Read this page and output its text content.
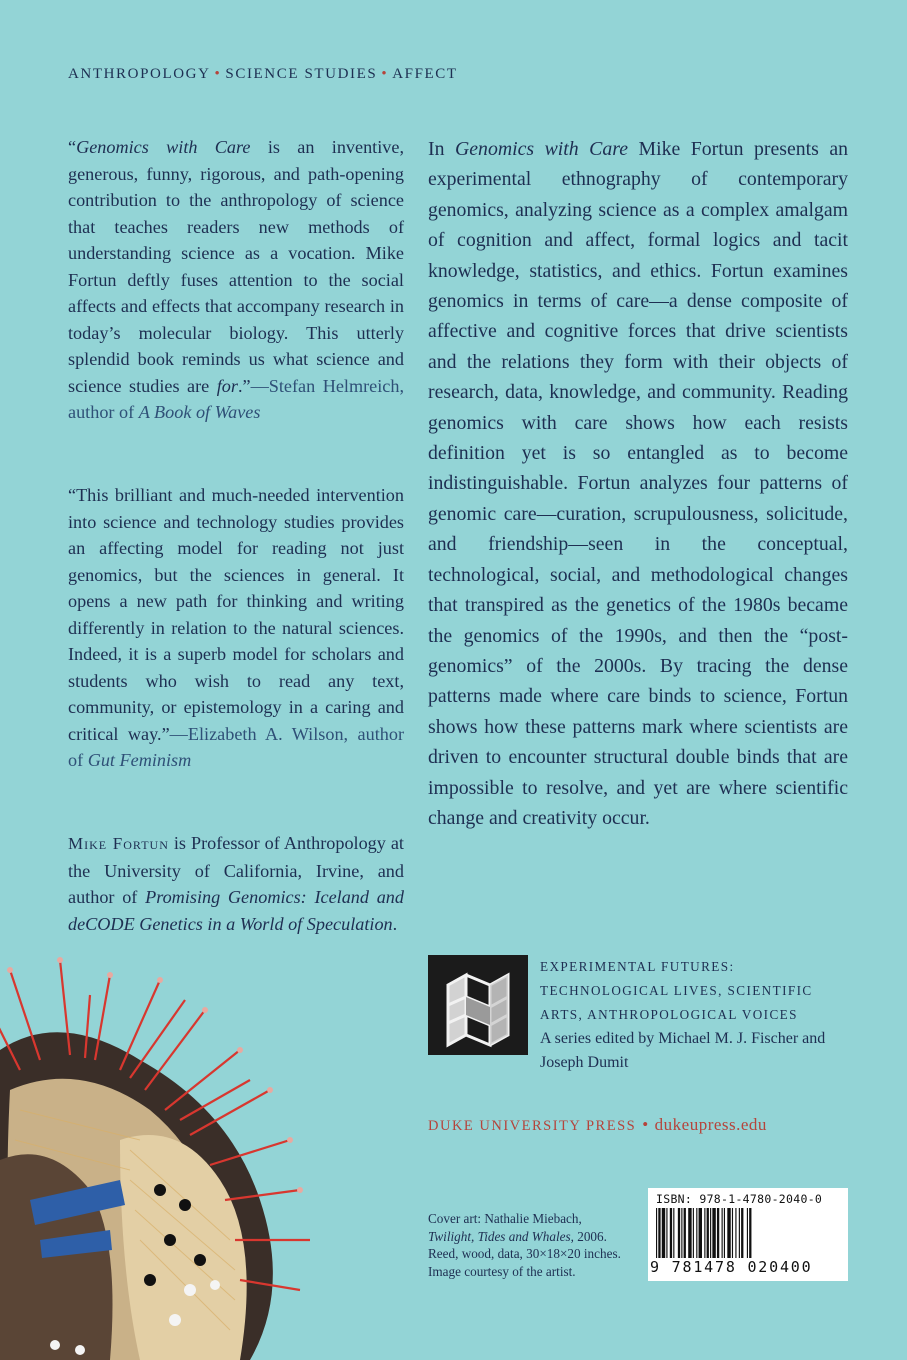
ANTHROPOLOGY • SCIENCE STUDIES • AFFECT
“Genomics with Care is an inventive, generous, funny, rigorous, and path-opening contribution to the anthropology of science that teaches readers new methods of understanding science as a vocation. Mike Fortun deftly fuses attention to the social affects and effects that accompany research in today’s molecular biology. This utterly splendid book reminds us what science and science studies are for.”—Stefan Helmreich, author of A Book of Waves
“This brilliant and much-needed intervention into science and technology studies provides an affecting model for reading not just genomics, but the sciences in general. It opens a new path for thinking and writing differently in relation to the natural sciences. Indeed, it is a superb model for scholars and students who wish to read any text, community, or epistemology in a caring and critical way.”—Elizabeth A. Wilson, author of Gut Feminism
Mike Fortun is Professor of Anthropology at the University of California, Irvine, and author of Promising Genomics: Iceland and deCODE Genetics in a World of Speculation.
In Genomics with Care Mike Fortun presents an experimental ethnography of contemporary genomics, analyzing science as a complex amalgam of cognition and affect, formal logics and tacit knowledge, statistics, and ethics. Fortun examines genomics in terms of care—a dense composite of affective and cognitive forces that drive scientists and the relations they form with their objects of research, data, knowledge, and community. Reading genomics with care shows how each resists definition yet is so entangled as to become indistinguishable. Fortun analyzes four patterns of genomic care—curation, scrupulousness, solicitude, and friendship—seen in the conceptual, technological, social, and methodological changes that transpired as the genetics of the 1980s became the genomics of the 1990s, and then the “post-genomics” of the 2000s. By tracing the dense patterns made where care binds to science, Fortun shows how these patterns mark where scientists are driven to encounter structural double binds that are impossible to resolve, and yet are where scientific change and creativity occur.
EXPERIMENTAL FUTURES: TECHNOLOGICAL LIVES, SCIENTIFIC ARTS, ANTHROPOLOGICAL VOICES
A series edited by Michael M. J. Fischer and Joseph Dumit
DUKE UNIVERSITY PRESS • dukeupress.edu
Cover art: Nathalie Miebach,
Twilight, Tides and Whales, 2006.
Reed, wood, data, 30×18×20 inches.
Image courtesy of the artist.
ISBN: 978-1-4780-2040-0
9 781478 020400
